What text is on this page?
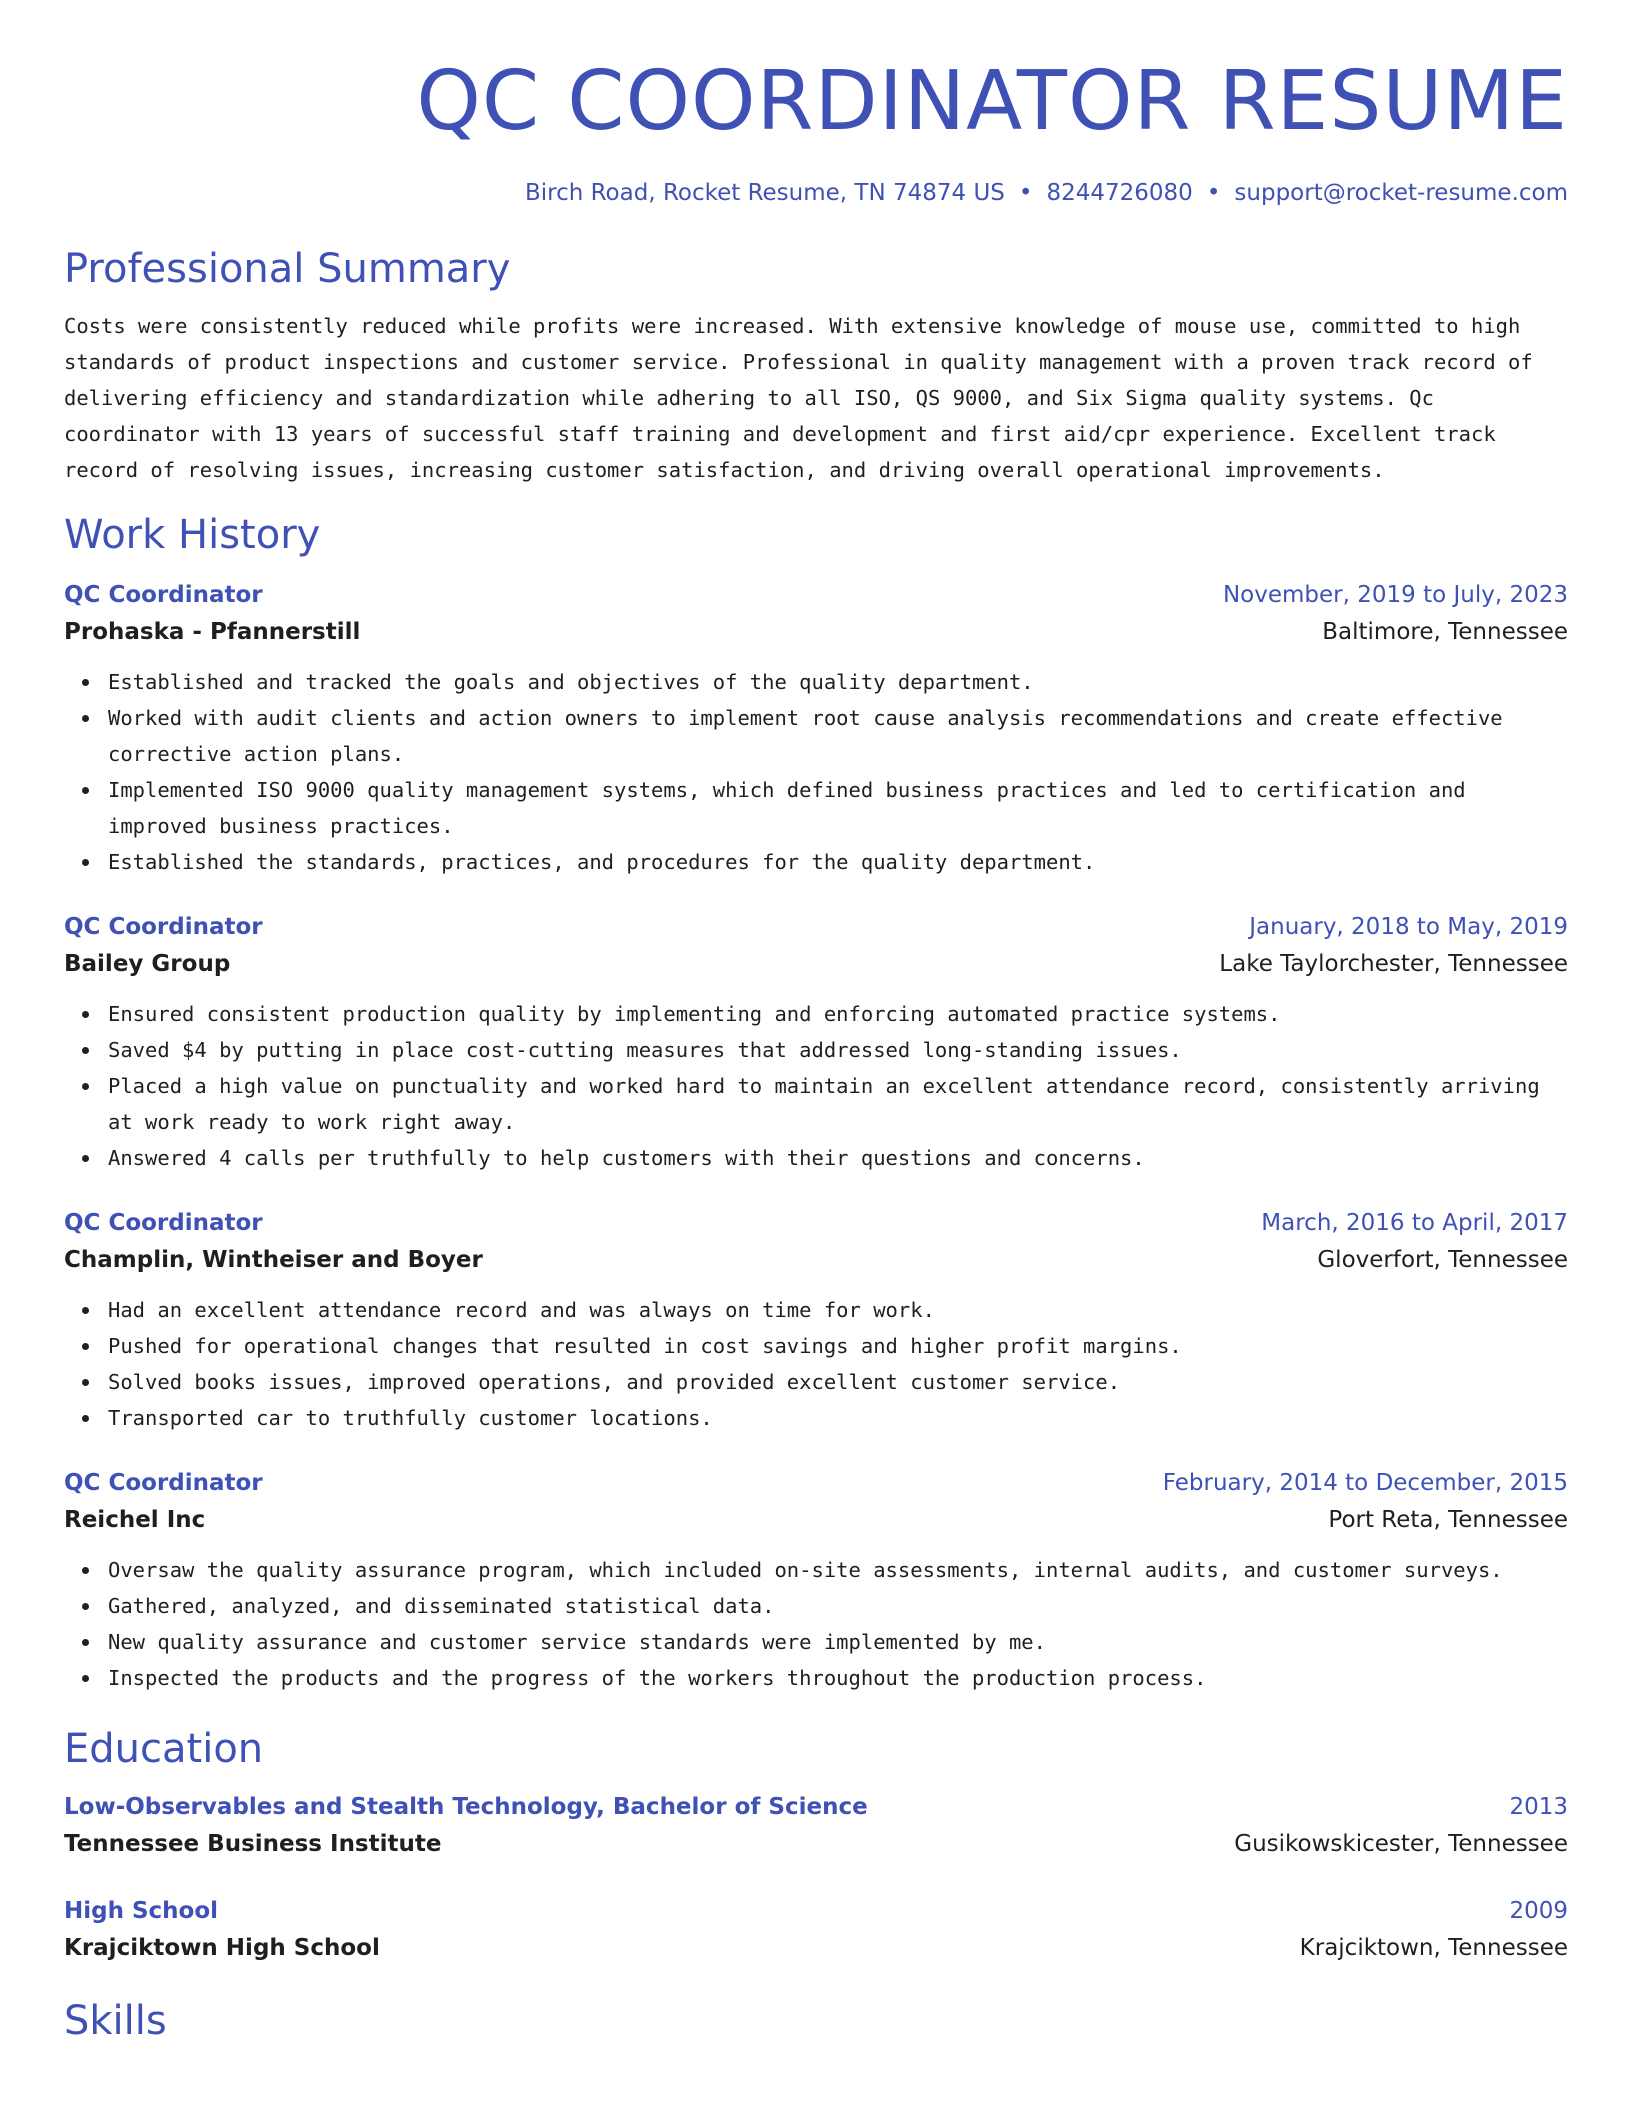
QC COORDINATOR RESUME
Birch Road, Rocket Resume, TN 74874 US • 8244726080 • support@rocket-resume.com
Professional Summary

Costs were consistently reduced while profits were increased. With extensive knowledge of mouse use, committed to high standards of product inspections and customer service. Professional in quality management with a proven track record of delivering efficiency and standardization while adhering to all ISO, QS 9000, and Six Sigma quality systems. Qc coordinator with 13 years of successful staff training and development and first aid/cpr experience. Excellent track record of resolving issues, increasing customer satisfaction, and driving overall operational improvements.

Work History
QC Coordinator	November, 2019 to July, 2023
Prohaska - Pfannerstill	Baltimore, Tennessee
Established and tracked the goals and objectives of the quality department.
Worked with audit clients and action owners to implement root cause analysis recommendations and create effective corrective action plans.
Implemented ISO 9000 quality management systems, which defined business practices and led to certification and improved business practices.
Established the standards, practices, and procedures for the quality department.
QC Coordinator	January, 2018 to May, 2019
Bailey Group	Lake Taylorchester, Tennessee
Ensured consistent production quality by implementing and enforcing automated practice systems.
Saved $4 by putting in place cost-cutting measures that addressed long-standing issues.
Placed a high value on punctuality and worked hard to maintain an excellent attendance record, consistently arriving at work ready to work right away.
Answered 4 calls per truthfully to help customers with their questions and concerns.
QC Coordinator	March, 2016 to April, 2017
Champlin, Wintheiser and Boyer	Gloverfort, Tennessee
Had an excellent attendance record and was always on time for work.
Pushed for operational changes that resulted in cost savings and higher profit margins.
Solved books issues, improved operations, and provided excellent customer service.
Transported car to truthfully customer locations.
QC Coordinator	February, 2014 to December, 2015
Reichel Inc	Port Reta, Tennessee
Oversaw the quality assurance program, which included on-site assessments, internal audits, and customer surveys.
Gathered, analyzed, and disseminated statistical data.
New quality assurance and customer service standards were implemented by me.
Inspected the products and the progress of the workers throughout the production process.
Education
Low-Observables and Stealth Technology, Bachelor of Science	2013
Tennessee Business Institute	Gusikowskicester, Tennessee
High School	2009
Krajciktown High School	Krajciktown, Tennessee
Skills
